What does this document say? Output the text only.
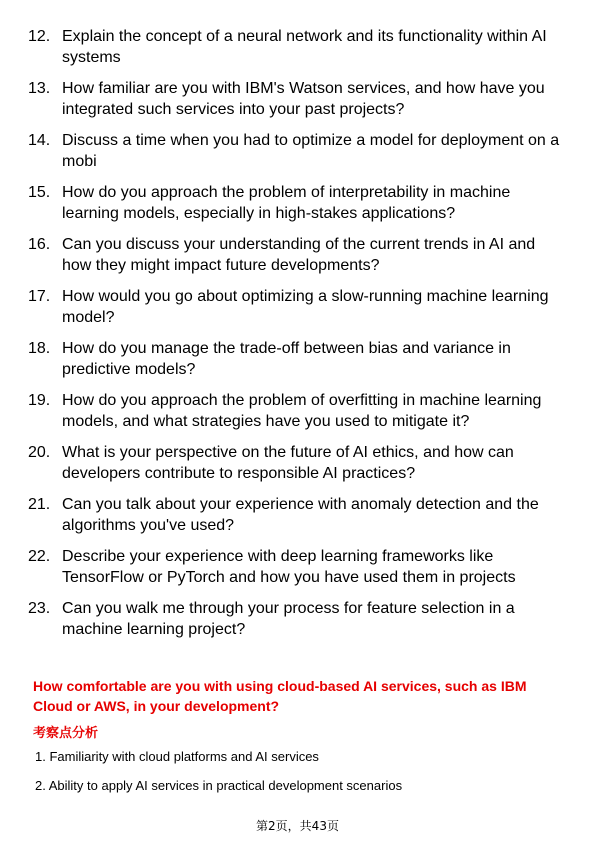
12. Explain the concept of a neural network and its functionality within AI systems
13. How familiar are you with IBM's Watson services, and how have you integrated such services into your past projects?
14. Discuss a time when you had to optimize a model for deployment on a mobi
15. How do you approach the problem of interpretability in machine learning models, especially in high-stakes applications?
16. Can you discuss your understanding of the current trends in AI and how they might impact future developments?
17. How would you go about optimizing a slow-running machine learning model?
18. How do you manage the trade-off between bias and variance in predictive models?
19. How do you approach the problem of overfitting in machine learning models, and what strategies have you used to mitigate it?
20. What is your perspective on the future of AI ethics, and how can developers contribute to responsible AI practices?
21. Can you talk about your experience with anomaly detection and the algorithms you've used?
22. Describe your experience with deep learning frameworks like TensorFlow or PyTorch and how you have used them in projects
23. Can you walk me through your process for feature selection in a machine learning project?
How comfortable are you with using cloud-based AI services, such as IBM Cloud or AWS, in your development?
考察点分析
1. Familiarity with cloud platforms and AI services
2. Ability to apply AI services in practical development scenarios
第2页，共43页
